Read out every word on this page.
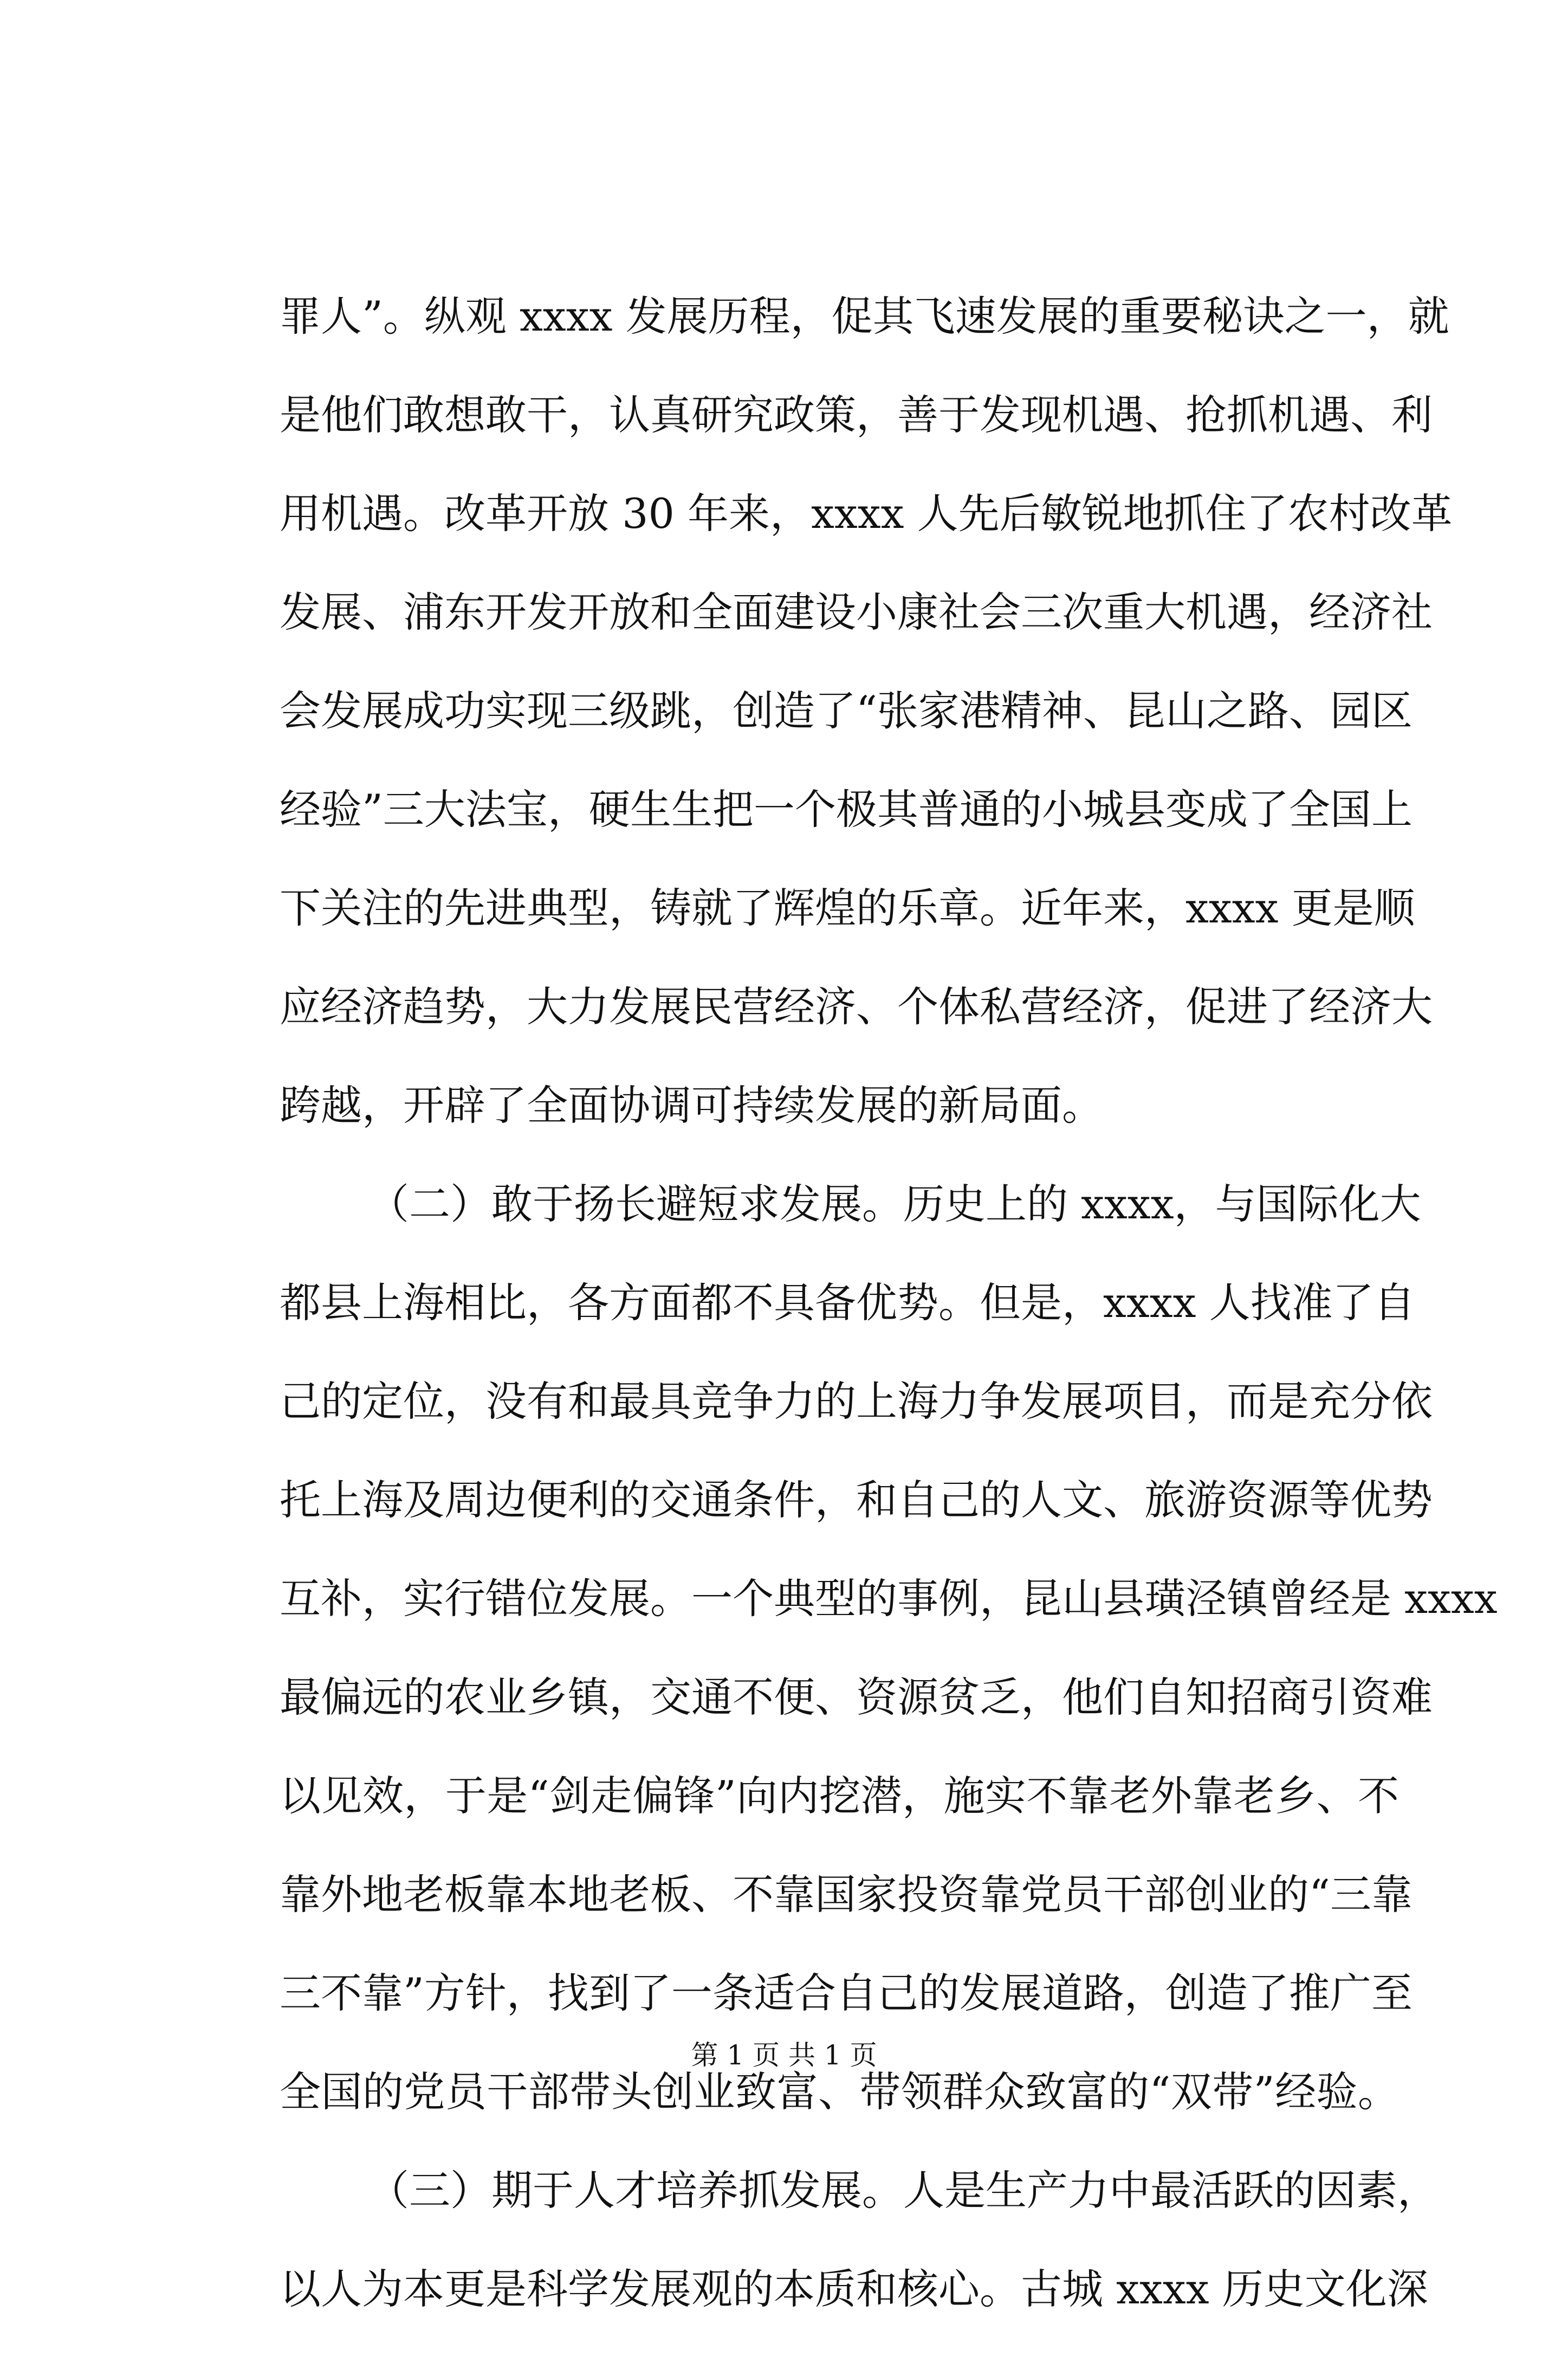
罪人”。纵观 xxxx 发展历程，促其飞速发展的重要秘诀之一，就
是他们敢想敢干，认真研究政策，善于发现机遇、抢抓机遇、利
用机遇。改革开放 30 年来，xxxx 人先后敏锐地抓住了农村改革
发展、浦东开发开放和全面建设小康社会三次重大机遇，经济社
会发展成功实现三级跳，创造了“张家港精神、昆山之路、园区
经验”三大法宝，硬生生把一个极其普通的小城县变成了全国上
下关注的先进典型，铸就了辉煌的乐章。近年来，xxxx 更是顺
应经济趋势，大力发展民营经济、个体私营经济，促进了经济大
跨越，开辟了全面协调可持续发展的新局面。
（二）敢于扬长避短求发展。历史上的 xxxx，与国际化大
都县上海相比，各方面都不具备优势。但是，xxxx 人找准了自
己的定位，没有和最具竞争力的上海力争发展项目，而是充分依
托上海及周边便利的交通条件，和自己的人文、旅游资源等优势
互补，实行错位发展。一个典型的事例，昆山县璜泾镇曾经是 xxxx
最偏远的农业乡镇，交通不便、资源贫乏，他们自知招商引资难
以见效，于是“剑走偏锋”向内挖潜，施实不靠老外靠老乡、不
靠外地老板靠本地老板、不靠国家投资靠党员干部创业的“三靠
三不靠”方针，找到了一条适合自己的发展道路，创造了推广至
全国的党员干部带头创业致富、带领群众致富的“双带”经验。
（三）期于人才培养抓发展。人是生产力中最活跃的因素，
以人为本更是科学发展观的本质和核心。古城 xxxx 历史文化深
第 1 页 共 1 页
